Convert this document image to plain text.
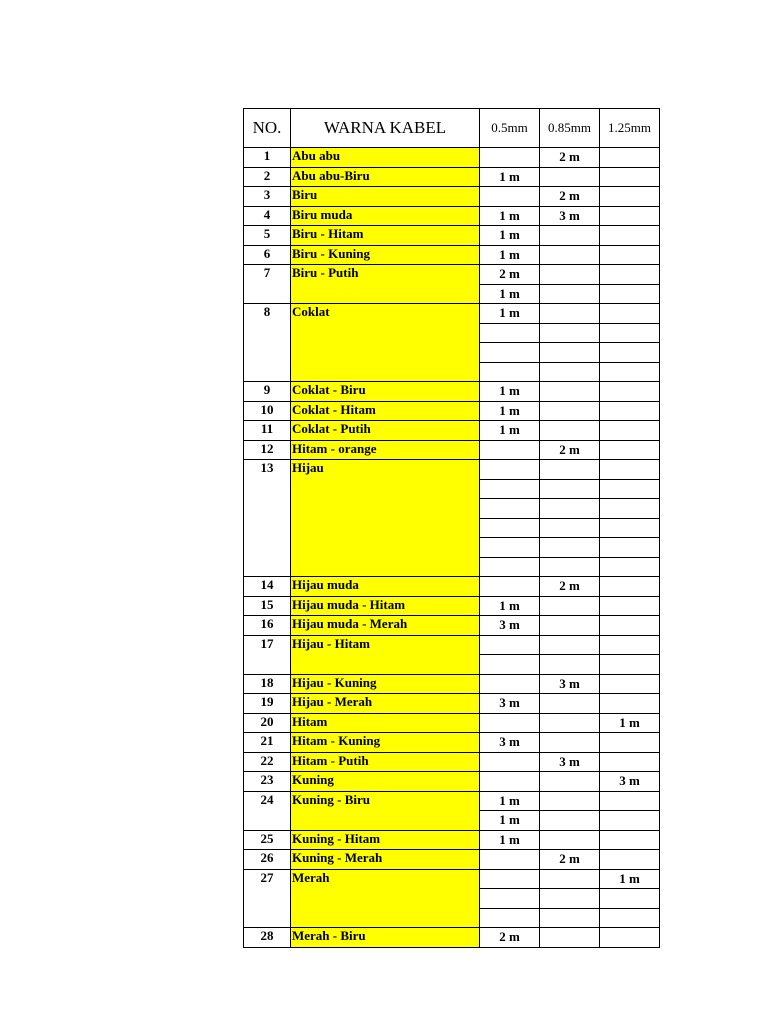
NO.	WARNA KABEL	0.5mm	0.85mm	1.25mm
1	Abu abu		2 m	
2	Abu abu-Biru	1 m		
3	Biru		2 m	
4	Biru muda	1 m	3 m	
5	Biru - Hitam	1 m		
6	Biru - Kuning	1 m		
7	Biru - Putih	2 m		
		1 m		
8	Coklat	1 m		

9	Coklat - Biru	1 m		
10	Coklat - Hitam	1 m		
11	Coklat - Putih	1 m		
12	Hitam - orange		2 m	
13	Hijau			

14	Hijau muda		2 m	
15	Hijau muda - Hitam	1 m		
16	Hijau muda - Merah	3 m		
17	Hijau - Hitam			

18	Hijau - Kuning		3 m	
19	Hijau - Merah	3 m		
20	Hitam			1 m
21	Hitam - Kuning	3 m		
22	Hitam - Putih		3 m	
23	Kuning			3 m
24	Kuning - Biru	1 m		
		1 m		
25	Kuning - Hitam	1 m		
26	Kuning - Merah		2 m	
27	Merah			1 m

28	Merah - Biru	2 m		
